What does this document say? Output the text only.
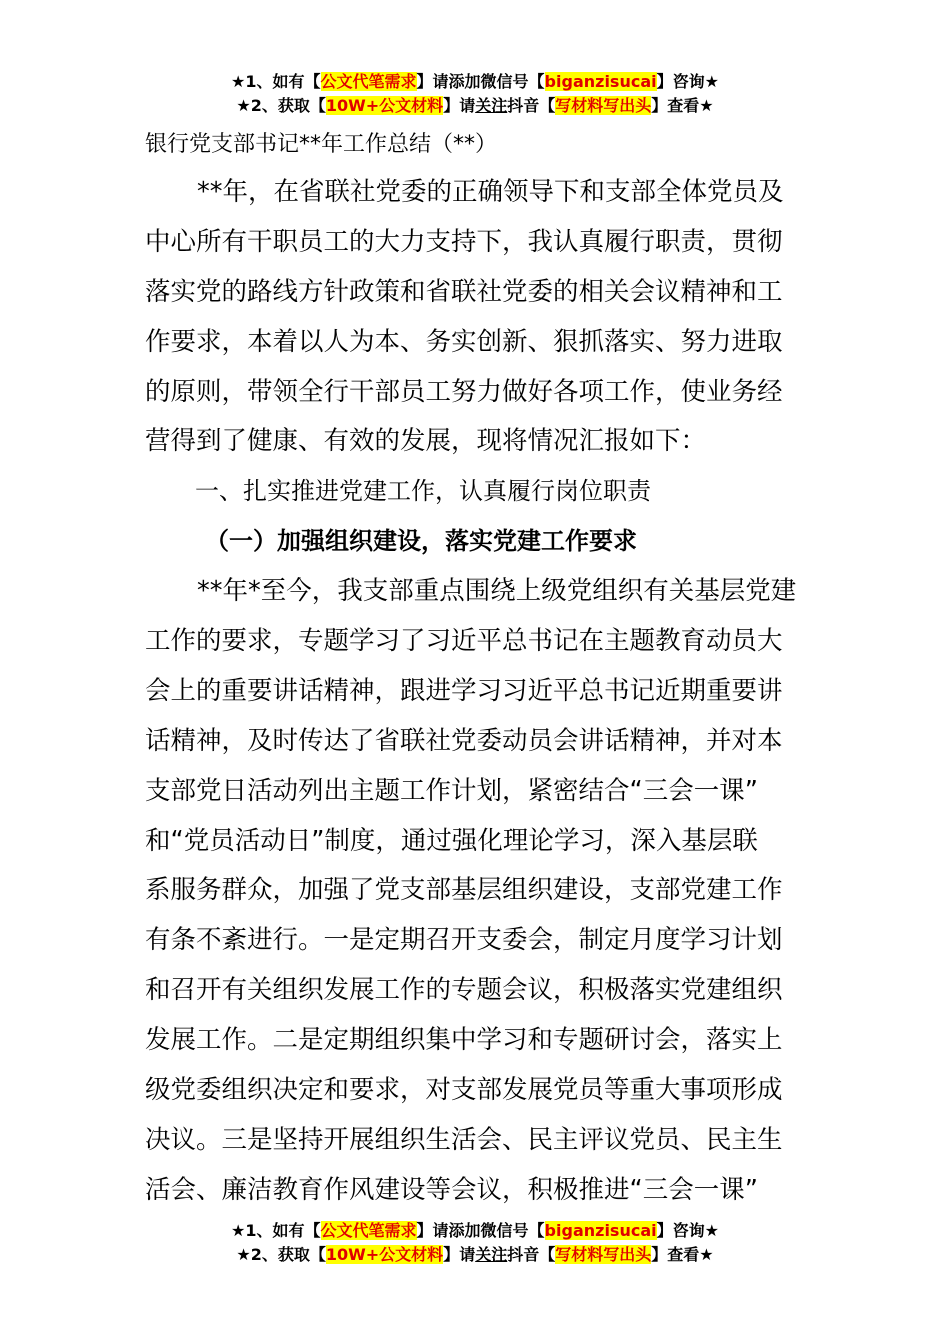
★1、如有【公文代笔需求】请添加微信号【biganzisucai】咨询★
★2、获取【10W+公文材料】请关注抖音【写材料写出头】查看★
银行党支部书记**年工作总结（**）
**年，在省联社党委的正确领导下和支部全体党员及
中心所有干职员工的大力支持下，我认真履行职责，贯彻
落实党的路线方针政策和省联社党委的相关会议精神和工
作要求，本着以人为本、务实创新、狠抓落实、努力进取
的原则，带领全行干部员工努力做好各项工作，使业务经
营得到了健康、有效的发展，现将情况汇报如下：
一、扎实推进党建工作，认真履行岗位职责
（一）加强组织建设，落实党建工作要求
**年*至今，我支部重点围绕上级党组织有关基层党建
工作的要求，专题学习了习近平总书记在主题教育动员大
会上的重要讲话精神，跟进学习习近平总书记近期重要讲
话精神，及时传达了省联社党委动员会讲话精神，并对本
支部党日活动列出主题工作计划，紧密结合“三会一课”
和“党员活动日”制度，通过强化理论学习，深入基层联
系服务群众，加强了党支部基层组织建设，支部党建工作
有条不紊进行。一是定期召开支委会，制定月度学习计划
和召开有关组织发展工作的专题会议，积极落实党建组织
发展工作。二是定期组织集中学习和专题研讨会，落实上
级党委组织决定和要求，对支部发展党员等重大事项形成
决议。三是坚持开展组织生活会、民主评议党员、民主生
活会、廉洁教育作风建设等会议，积极推进“三会一课”
★1、如有【公文代笔需求】请添加微信号【biganzisucai】咨询★
★2、获取【10W+公文材料】请关注抖音【写材料写出头】查看★
